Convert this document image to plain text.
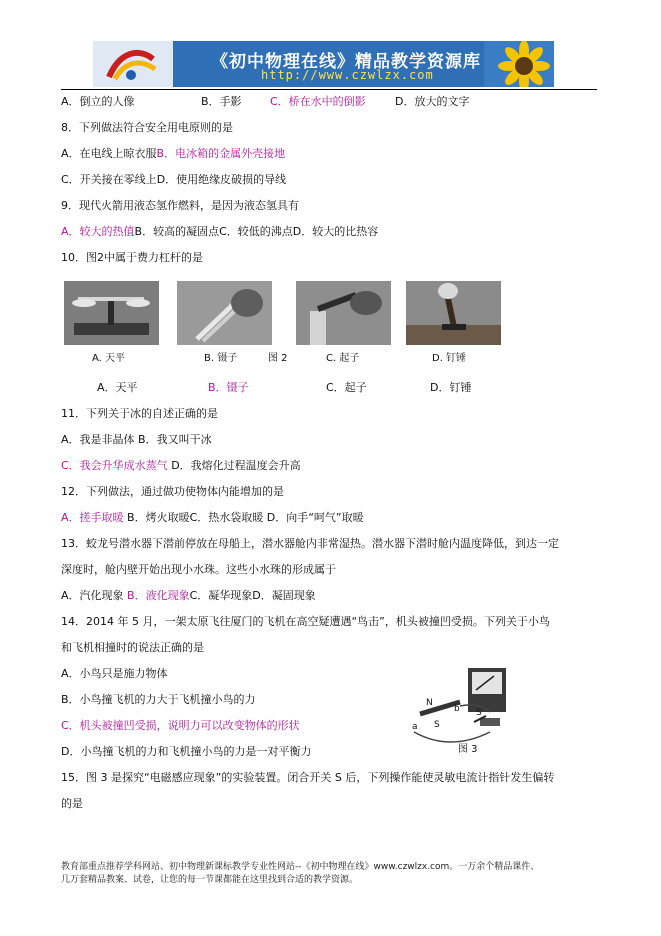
《初中物理在线》精品教学资源库
http://www.czwlzx.com
A．倒立的人像	B．手影	C．桥在水中的倒影	D．放大的文字
8．下列做法符合安全用电原则的是
A．在电线上晾衣服B．电冰箱的金属外壳接地
C．开关接在零线上D．使用绝缘皮破损的导线
9．现代火箭用液态氢作燃料，是因为液态氢具有
A．较大的热值B．较高的凝固点C．较低的沸点D．较大的比热容
10．图2中属于费力杠杆的是
A. 天平	B. 镊子	图 2	C. 起子	D. 钉锤
A．天平	B．镊子	C．起子	D．钉锤
11．下列关于冰的自述正确的是
A．我是非晶体 B．我又叫干冰
C．我会升华成水蒸气 D．我熔化过程温度会升高
12．下列做法，通过做功使物体内能增加的是
A．搓手取暖 B．烤火取暖C．热水袋取暖 D．向手“呵气”取暖
13．蛟龙号潜水器下潜前停放在母船上，潜水器舱内非常湿热。潜水器下潜时舱内温度降低，到达一定
深度时，舱内壁开始出现小水珠。这些小水珠的形成属于
A．汽化现象 B．液化现象C．凝华现象D．凝固现象
14．2014 年 5 月，一架太原飞往厦门的飞机在高空疑遭遇“鸟击”，机头被撞凹受损。下列关于小鸟
和飞机相撞时的说法正确的是
A．小鸟只是施力物体
B．小鸟撞飞机的力大于飞机撞小鸟的力
C．机头被撞凹受损，说明力可以改变物体的形状
D．小鸟撞飞机的力和飞机撞小鸟的力是一对平衡力
N
a
b
S
S
图 3
15．图 3 是探究“电磁感应现象”的实验装置。闭合开关 S 后，下列操作能使灵敏电流计指针发生偏转
的是
教育部重点推荐学科网站、初中物理新课标教学专业性网站--《初中物理在线》www.czwlzx.com。一万余个精品课件、
几万套精品教案、试卷，让您的每一节课都能在这里找到合适的教学资源。
